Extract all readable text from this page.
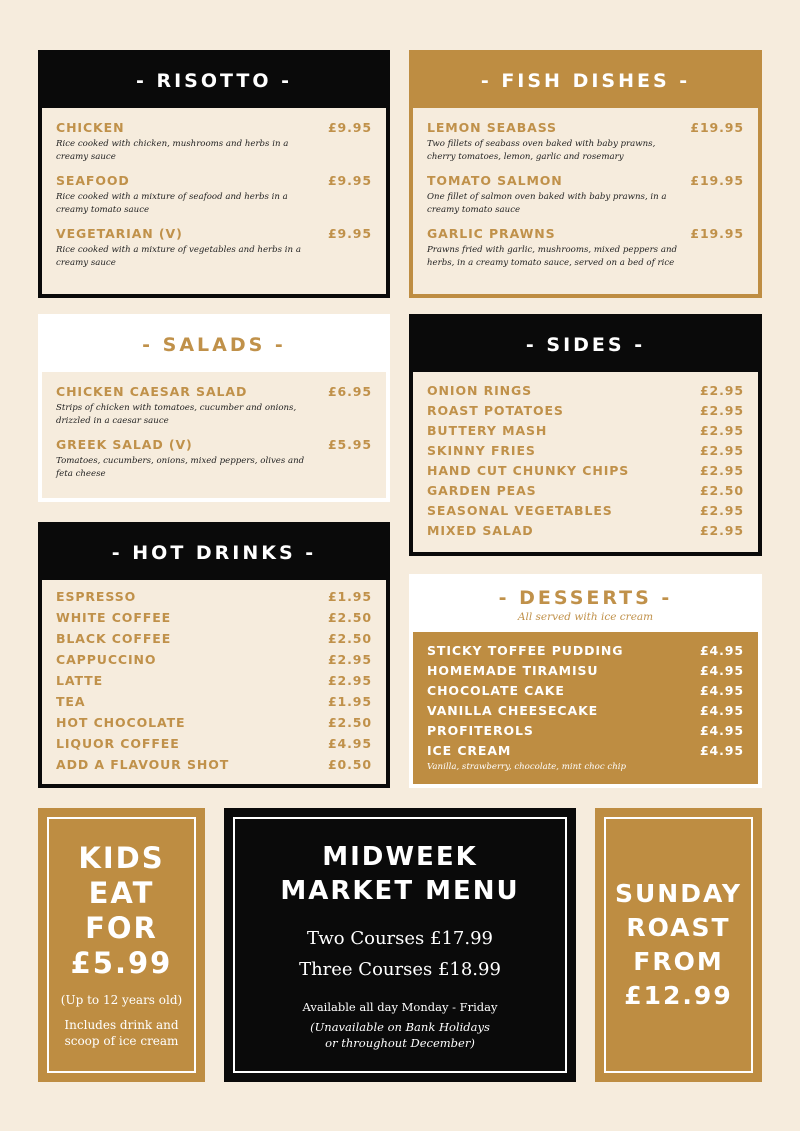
- RISOTTO -
CHICKEN	£9.95
Rice cooked with chicken, mushrooms and herbs in a creamy sauce
SEAFOOD	£9.95
Rice cooked with a mixture of seafood and herbs in a creamy tomato sauce
VEGETARIAN (V)	£9.95
Rice cooked with a mixture of vegetables and herbs in a creamy sauce
- FISH DISHES -
LEMON SEABASS	£19.95
Two fillets of seabass oven baked with baby prawns, cherry tomatoes, lemon, garlic and rosemary
TOMATO SALMON	£19.95
One fillet of salmon oven baked with baby prawns, in a creamy tomato sauce
GARLIC PRAWNS	£19.95
Prawns fried with garlic, mushrooms, mixed peppers and herbs, in a creamy tomato sauce, served on a bed of rice
- SALADS -
CHICKEN CAESAR SALAD	£6.95
Strips of chicken with tomatoes, cucumber and onions, drizzled in a caesar sauce
GREEK SALAD (V)	£5.95
Tomatoes, cucumbers, onions, mixed peppers, olives and feta cheese
- SIDES -
ONION RINGS	£2.95
ROAST POTATOES	£2.95
BUTTERY MASH	£2.95
SKINNY FRIES	£2.95
HAND CUT CHUNKY CHIPS	£2.95
GARDEN PEAS	£2.50
SEASONAL VEGETABLES	£2.95
MIXED SALAD	£2.95
- HOT DRINKS -
ESPRESSO	£1.95
WHITE COFFEE	£2.50
BLACK COFFEE	£2.50
CAPPUCCINO	£2.95
LATTE	£2.95
TEA	£1.95
HOT CHOCOLATE	£2.50
LIQUOR COFFEE	£4.95
ADD A FLAVOUR SHOT	£0.50
- DESSERTS -
All served with ice cream
STICKY TOFFEE PUDDING	£4.95
HOMEMADE TIRAMISU	£4.95
CHOCOLATE CAKE	£4.95
VANILLA CHEESECAKE	£4.95
PROFITEROLS	£4.95
ICE CREAM	£4.95
Vanilla, strawberry, chocolate, mint choc chip
KIDS
EAT
FOR
£5.99
(Up to 12 years old)
Includes drink and scoop of ice cream
MIDWEEK
MARKET MENU
Two Courses £17.99
Three Courses £18.99
Available all day Monday - Friday
(Unavailable on Bank Holidays
or throughout December)
SUNDAY
ROAST
FROM
£12.99
